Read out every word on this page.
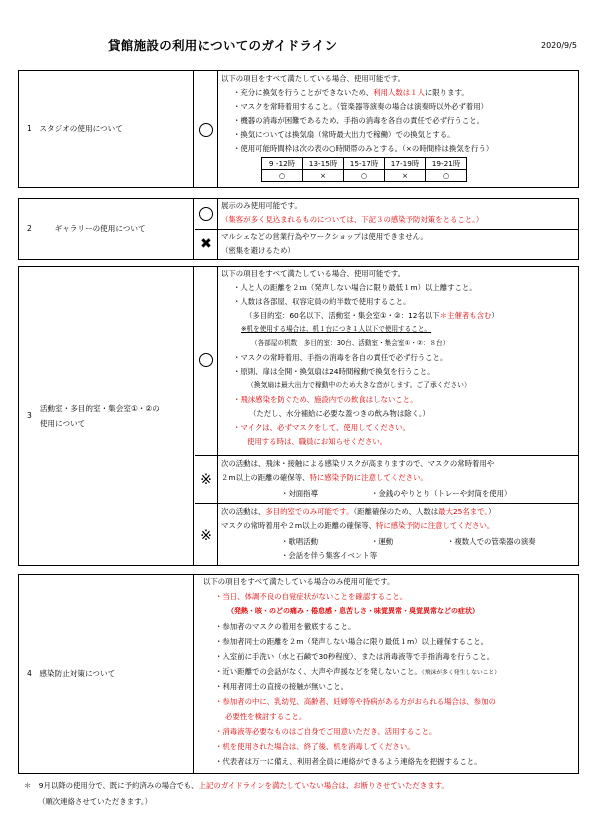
貸館施設の利用についてのガイドライン	2020/9/5
1　スタジオの使用について
以下の項目をすべて満たしている場合、使用可能です。
・充分に換気を行うことができないため、利用人数は１人に限ります。
・マスクを常時着用すること。（管楽器等演奏の場合は演奏時以外必ず着用）
・機器の消毒が困難であるため、手指の消毒を各自の責任で必ず行うこと。
・換気については換気扇（常時最大出力で稼働）での換気とする。
・使用可能時間枠は次の表の○時間帯のみとする。（×の時間枠は換気を行う）
9 -12時	13-15時	15-17時	17-19時	19-21時
○	×	○	×	○
2　　　ギャラリーの使用について
✖
展示のみ使用可能です。
（集客が多く見込まれるものについては、下記３の感染予防対策をとること。）
マルシェなどの営業行為やワークショップは使用できません。
（密集を避けるため）
3
活動室・多目的室・集会室①・②の
使用について
※
※
以下の項目をすべて満たしている場合、使用可能です。
・人と人の距離を２ｍ（発声しない場合に限り最低１m）以上離すこと。
・人数は各部屋、収容定員の約半数で使用すること。
（多目的室：60名以下、活動室・集会室①・②：12名以下＊主催者も含む）
※机を使用する場合は、机１台につき１人以下で使用すること。
（各部屋の机数　多目的室：30台、活動室・集会室①・②：８台）
・マスクの常時着用、手指の消毒を各自の責任で必ず行うこと。
・原則、扉は全開・換気扇は24時間稼動で換気を行うこと。
（換気扇は最大出力で稼動中のため大きな音がします。ご了承ください）
・飛沫感染を防ぐため、施設内での飲食はしないこと。
（ただし、水分補給に必要な蓋つきの飲み物は除く。）
・マイクは、必ずマスクをして、使用してください。
使用する時は、職員にお知らせください。
次の活動は、飛沫・接触による感染リスクが高まりますので、マスクの常時着用や
２m以上の距離の確保等、特に感染予防に注意してください。
・対面指導	・金銭のやりとり（トレーや封筒を使用）
次の活動は、多目的室でのみ可能です。（距離確保のため、人数は最大25名まで。）
マスクの常時着用や２m以上の距離の確保等、特に感染予防に注意してください。
・歌唱活動	・運動	・複数人での管楽器の演奏
・会話を伴う集客イベント等
4　感染防止対策について
以下の項目をすべて満たしている場合のみ使用可能です。
・当日、体調不良の自覚症状がないことを確認すること。
（発熱・咳・のどの痛み・倦怠感・息苦しさ・味覚異常・臭覚異常などの症状）
・参加者のマスクの着用を徹底すること。
・参加者同士の距離を２m（発声しない場合に限り最低１m）以上確保すること。
・入室前に手洗い（水と石鹸で30秒程度）、または消毒液等で手指消毒を行うこと。
・近い距離での会話がなく、大声や声援などを発しないこと。（飛沫が多く発生しないこと）
・利用者同士の直接の接触が無いこと。
・参加者の中に、乳幼児、高齢者、妊婦等や持病がある方がおられる場合は、参加の
必要性を検討すること。
・消毒液等必要なものはご自身でご用意いただき、活用すること。
・机を使用された場合は、終了後、机を消毒してください。
・代表者は万一に備え、利用者全員に連絡ができるよう連絡先を把握すること。
＊　9月以降の使用分で、既に予約済みの場合でも、上記のガイドラインを満たしていない場合は、お断りさせていただきます。
（順次連絡させていただきます。）
